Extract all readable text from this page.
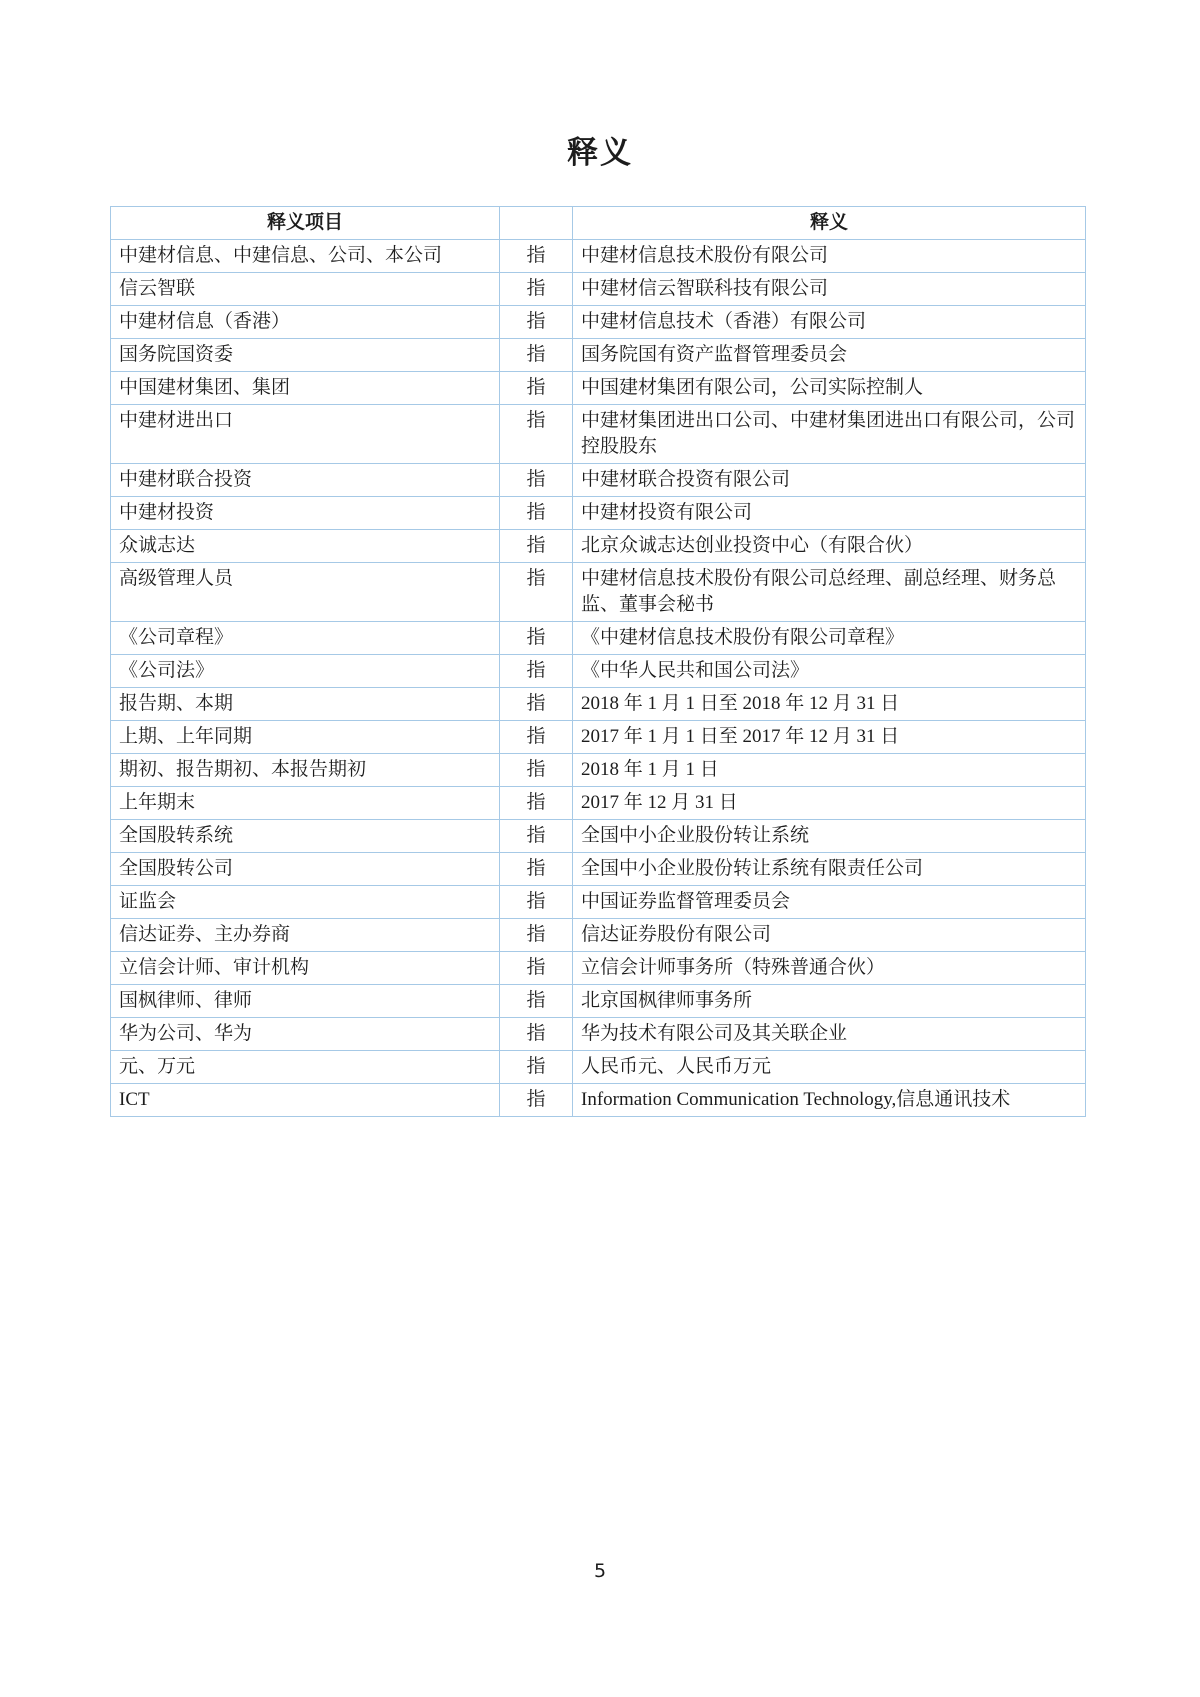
释义
释义项目		释义
中建材信息、中建信息、公司、本公司	指	中建材信息技术股份有限公司
信云智联	指	中建材信云智联科技有限公司
中建材信息（香港）	指	中建材信息技术（香港）有限公司
国务院国资委	指	国务院国有资产监督管理委员会
中国建材集团、集团	指	中国建材集团有限公司，公司实际控制人
中建材进出口	指	中建材集团进出口公司、中建材集团进出口有限公司，公司控股股东
中建材联合投资	指	中建材联合投资有限公司
中建材投资	指	中建材投资有限公司
众诚志达	指	北京众诚志达创业投资中心（有限合伙）
高级管理人员	指	中建材信息技术股份有限公司总经理、副总经理、财务总监、董事会秘书
《公司章程》	指	《中建材信息技术股份有限公司章程》
《公司法》	指	《中华人民共和国公司法》
报告期、本期	指	2018 年 1 月 1 日至 2018 年 12 月 31 日
上期、上年同期	指	2017 年 1 月 1 日至 2017 年 12 月 31 日
期初、报告期初、本报告期初	指	2018 年 1 月 1 日
上年期末	指	2017 年 12 月 31 日
全国股转系统	指	全国中小企业股份转让系统
全国股转公司	指	全国中小企业股份转让系统有限责任公司
证监会	指	中国证券监督管理委员会
信达证券、主办券商	指	信达证券股份有限公司
立信会计师、审计机构	指	立信会计师事务所（特殊普通合伙）
国枫律师、律师	指	北京国枫律师事务所
华为公司、华为	指	华为技术有限公司及其关联企业
元、万元	指	人民币元、人民币万元
ICT	指	Information Communication Technology,信息通讯技术
5
